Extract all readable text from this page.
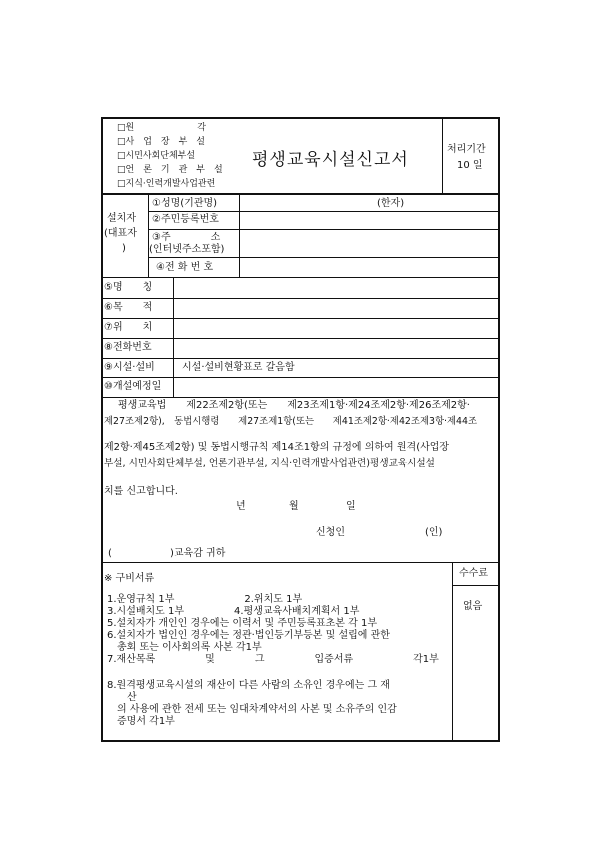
□원　　　　　　　각
□사　업　장　부　설
□시민사회단체부설
□언　론　기　관　부　설
□지식·인력개발사업관련
평생교육시설신고서
처리기간
10 일
설치자
(대표자
)
①성명(기관명)	(한자)
②주민등록번호
③주　　　　소
(인터넷주소포함)
④전 화 번 호
⑤명　　칭
⑥목　　적
⑦위　　치
⑧전화번호
⑨시설·설비	시설·설비현황표로 갈음함
⑩개설예정일
평생교육법　　제22조제2항(또는　　제23조제1항·제24조제2항·제26조제2항·
제27조제2항),　동법시행령　　제27조제1항(또는　　제41조제2항·제42조제3항·제44조
제2항·제45조제2항) 및 동법시행규칙 제14조1항의 규정에 의하여 원격(사업장
부설, 시민사회단체부설, 언론기관부설, 지식·인력개발사업관련)평생교육시설설
치를 신고합니다.
년	월	일
신청인	(인)
(	)교육감 귀하
수수료
없음
※ 구비서류
1.운영규칙 1부　　　　　　　2.위치도 1부
3.시설배치도 1부　　　　　4.평생교육사배치계획서 1부
5.설치자가 개인인 경우에는 이력서 및 주민등록표초본 각 1부
6.설치자가 법인인 경우에는 정관·법인등기부등본 및 설립에 관한
　총회 또는 이사회의록 사본 각1부
7.재산목록　　　　　및　　　　그　　　　　입증서류　　　　　　각1부
8.원격평생교육시설의 재산이 다른 사람의 소유인 경우에는 그 재
　　산
　의 사용에 관한 전세 또는 임대차계약서의 사본 및 소유주의 인감
　증명서 각1부
